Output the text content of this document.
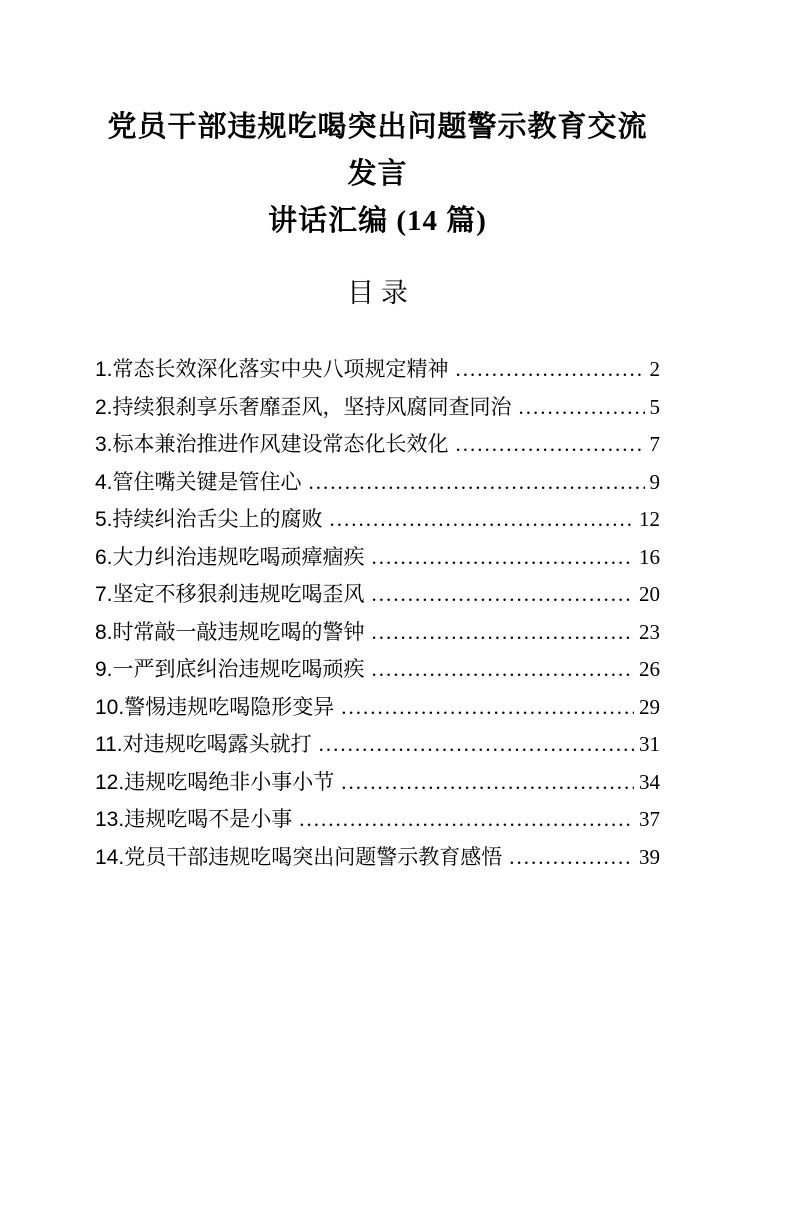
党员干部违规吃喝突出问题警示教育交流发言
讲话汇编 (14 篇)
目 录
1.常态长效深化落实中央八项规定精神 .....	2
2.持续狠刹享乐奢靡歪风，坚持风腐同查同治 .....	5
3.标本兼治推进作风建设常态化长效化 .....	7
4.管住嘴关键是管住心 .....	9
5.持续纠治舌尖上的腐败 .....	12
6.大力纠治违规吃喝顽瘴痼疾 .....	16
7.坚定不移狠刹违规吃喝歪风 .....	20
8.时常敲一敲违规吃喝的警钟 .....	23
9.一严到底纠治违规吃喝顽疾 .....	26
10.警惕违规吃喝隐形变异 .....	29
11.对违规吃喝露头就打 .....	31
12.违规吃喝绝非小事小节 .....	34
13.违规吃喝不是小事 .....	37
14.党员干部违规吃喝突出问题警示教育感悟 .....	39
